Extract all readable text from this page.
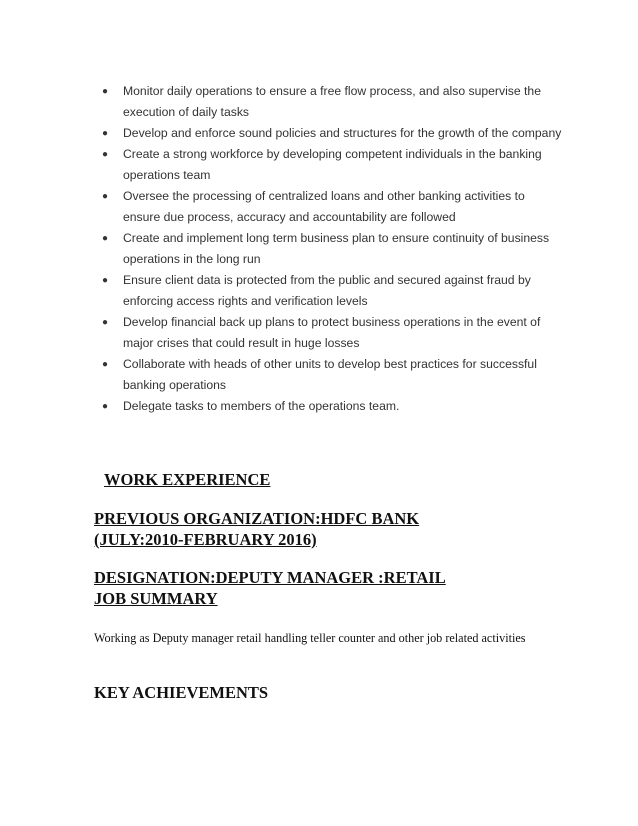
● Monitor daily operations to ensure a free flow process, and also supervise the execution of daily tasks
● Develop and enforce sound policies and structures for the growth of the company
● Create a strong workforce by developing competent individuals in the banking operations team
● Oversee the processing of centralized loans and other banking activities to ensure due process, accuracy and accountability are followed
● Create and implement long term business plan to ensure continuity of business operations in the long run
● Ensure client data is protected from the public and secured against fraud by enforcing access rights and verification levels
● Develop financial back up plans to protect business operations in the event of major crises that could result in huge losses
● Collaborate with heads of other units to develop best practices for successful banking operations
● Delegate tasks to members of the operations team.
WORK EXPERIENCE
PREVIOUS ORGANIZATION:HDFC BANK
(JULY:2010-FEBRUARY 2016)
DESIGNATION:DEPUTY MANAGER :RETAIL
JOB SUMMARY

Working as Deputy manager retail handling teller counter and other job related activities

KEY ACHIEVEMENTS
